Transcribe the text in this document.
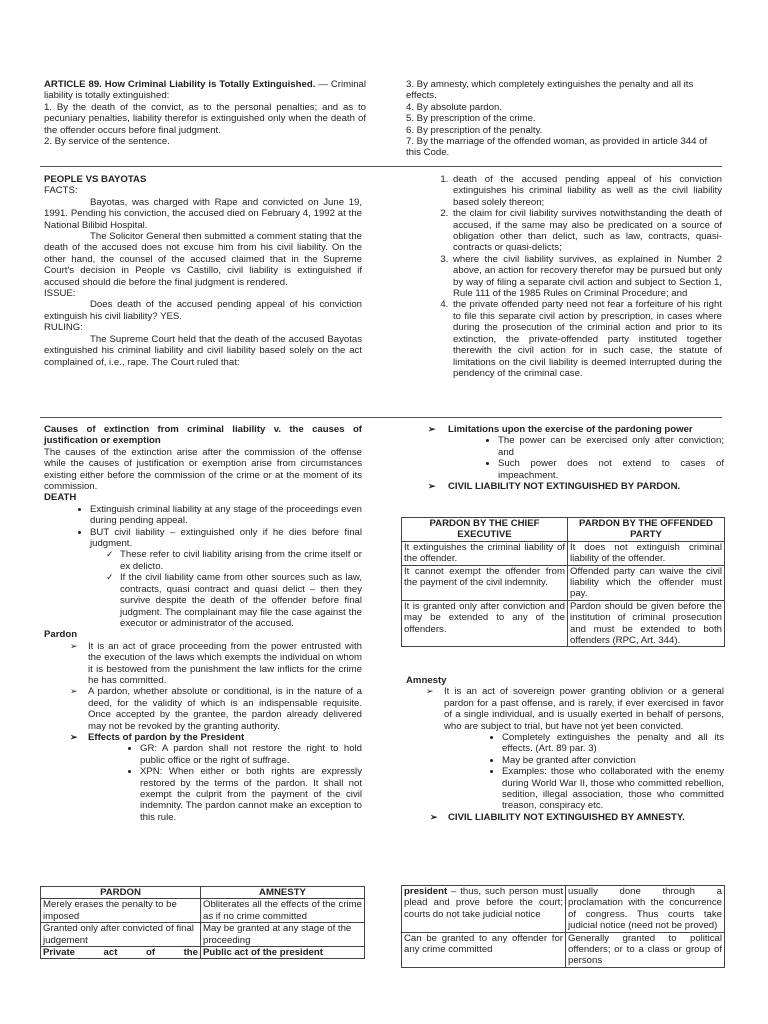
ARTICLE 89. How Criminal Liability is Totally Extinguished. — Criminal liability is totally extinguished:

1. By the death of the convict, as to the personal penalties; and as to pecuniary penalties, liability therefor is extinguished only when the death of the offender occurs before final judgment.

2. By service of the sentence.

3. By amnesty, which completely extinguishes the penalty and all its effects.

4. By absolute pardon.

5. By prescription of the crime.

6. By prescription of the penalty.

7. By the marriage of the offended woman, as provided in article 344 of this Code.

PEOPLE VS BAYOTAS

FACTS:

Bayotas, was charged with Rape and convicted on June 19, 1991. Pending his conviction, the accused died on February 4, 1992 at the National Bilibid Hospital.

The Solicitor General then submitted a comment stating that the death of the accused does not excuse him from his civil liability. On the other hand, the counsel of the accused claimed that in the Supreme Court's decision in People vs Castillo, civil liability is extinguished if accused should die before the final judgment is rendered.

ISSUE:

Does death of the accused pending appeal of his conviction extinguish his civil liability? YES.

RULING:

The Supreme Court held that the death of the accused Bayotas extinguished his criminal liability and civil liability based solely on the act complained of, i.e., rape. The Court ruled that:

1. death of the accused pending appeal of his conviction extinguishes his criminal liability as well as the civil liability based solely thereon;
2. the claim for civil liability survives notwithstanding the death of accused, if the same may also be predicated on a source of obligation other than delict, such as law, contracts, quasi-contracts or quasi-delicts;
3. where the civil liability survives, as explained in Number 2 above, an action for recovery therefor may be pursued but only by way of filing a separate civil action and subject to Section 1, Rule 111 of the 1985 Rules on Criminal Procedure; and
4. the private offended party need not fear a forfeiture of his right to file this separate civil action by prescription, in cases where during the prosecution of the criminal action and prior to its extinction, the private-offended party instituted together therewith the civil action for in such case, the statute of limitations on the civil liability is deemed interrupted during the pendency of the criminal case.

Causes of extinction from criminal liability v. the causes of justification or exemption

The causes of the extinction arise after the commission of the offense while the causes of justification or exemption arise from circumstances existing either before the commission of the crime or at the moment of its commission.

DEATH

• Extinguish criminal liability at any stage of the proceedings even during pending appeal.
• BUT civil liability – extinguished only if he dies before final judgment.
✓ These refer to civil liability arising from the crime itself or ex delicto.
✓ If the civil liability came from other sources such as law, contracts, quasi contract and quasi delict – then they survive despite the death of the offender before final judgment. The complainant may file the case against the executor or administrator of the accused.

Pardon

➢ It is an act of grace proceeding from the power entrusted with the execution of the laws which exempts the individual on whom it is bestowed from the punishment the law inflicts for the crime he has committed.
➢ A pardon, whether absolute or conditional, is in the nature of a deed, for the validity of which is an indispensable requisite. Once accepted by the grantee, the pardon already delivered may not be revoked by the granting authority.
➢ Effects of pardon by the President
• GR: A pardon shall not restore the right to hold public office or the right of suffrage.
• XPN: When either or both rights are expressly restored by the terms of the pardon. It shall not exempt the culprit from the payment of the civil indemnity. The pardon cannot make an exception to this rule.
➢ Limitations upon the exercise of the pardoning power
• The power can be exercised only after conviction; and
• Such power does not extend to cases of impeachment.
➢ CIVIL LIABILITY NOT EXTINGUISHED BY PARDON.
PARDON BY THE CHIEF EXECUTIVE	PARDON BY THE OFFENDED PARTY
It extinguishes the criminal liability of the offender.	It does not extinguish criminal liability of the offender.
It cannot exempt the offender from the payment of the civil indemnity.	Offended party can waive the civil liability which the offender must pay.
It is granted only after conviction and may be extended to any of the offenders.	Pardon should be given before the institution of criminal prosecution and must be extended to both offenders (RPC, Art. 344).

Amnesty

➢ It is an act of sovereign power granting oblivion or a general pardon for a past offense, and is rarely, if ever exercised in favor of a single individual, and is usually exerted in behalf of persons, who are subject to trial, but have not yet been convicted.
• Completely extinguishes the penalty and all its effects. (Art. 89 par. 3)
• May be granted after conviction
• Examples: those who collaborated with the enemy during World War II, those who committed rebellion, sedition, illegal association, those who committed treason, conspiracy etc.
➢ CIVIL LIABILITY NOT EXTINGUISHED BY AMNESTY.
PARDON	AMNESTY
Merely erases the penalty to be imposed	Obliterates all the effects of the crime as if no crime committed
Granted only after convicted of final judgement	May be granted at any stage of the proceeding
Private act of the	Public act of the president
president – thus, such person must plead and prove before the court; courts do not take judicial notice	usually done through a proclamation with the concurrence of congress. Thus courts take judicial notice (need not be proved)
Can be granted to any offender for any crime committed	Generally granted to political offenders; or to a class or group of persons
